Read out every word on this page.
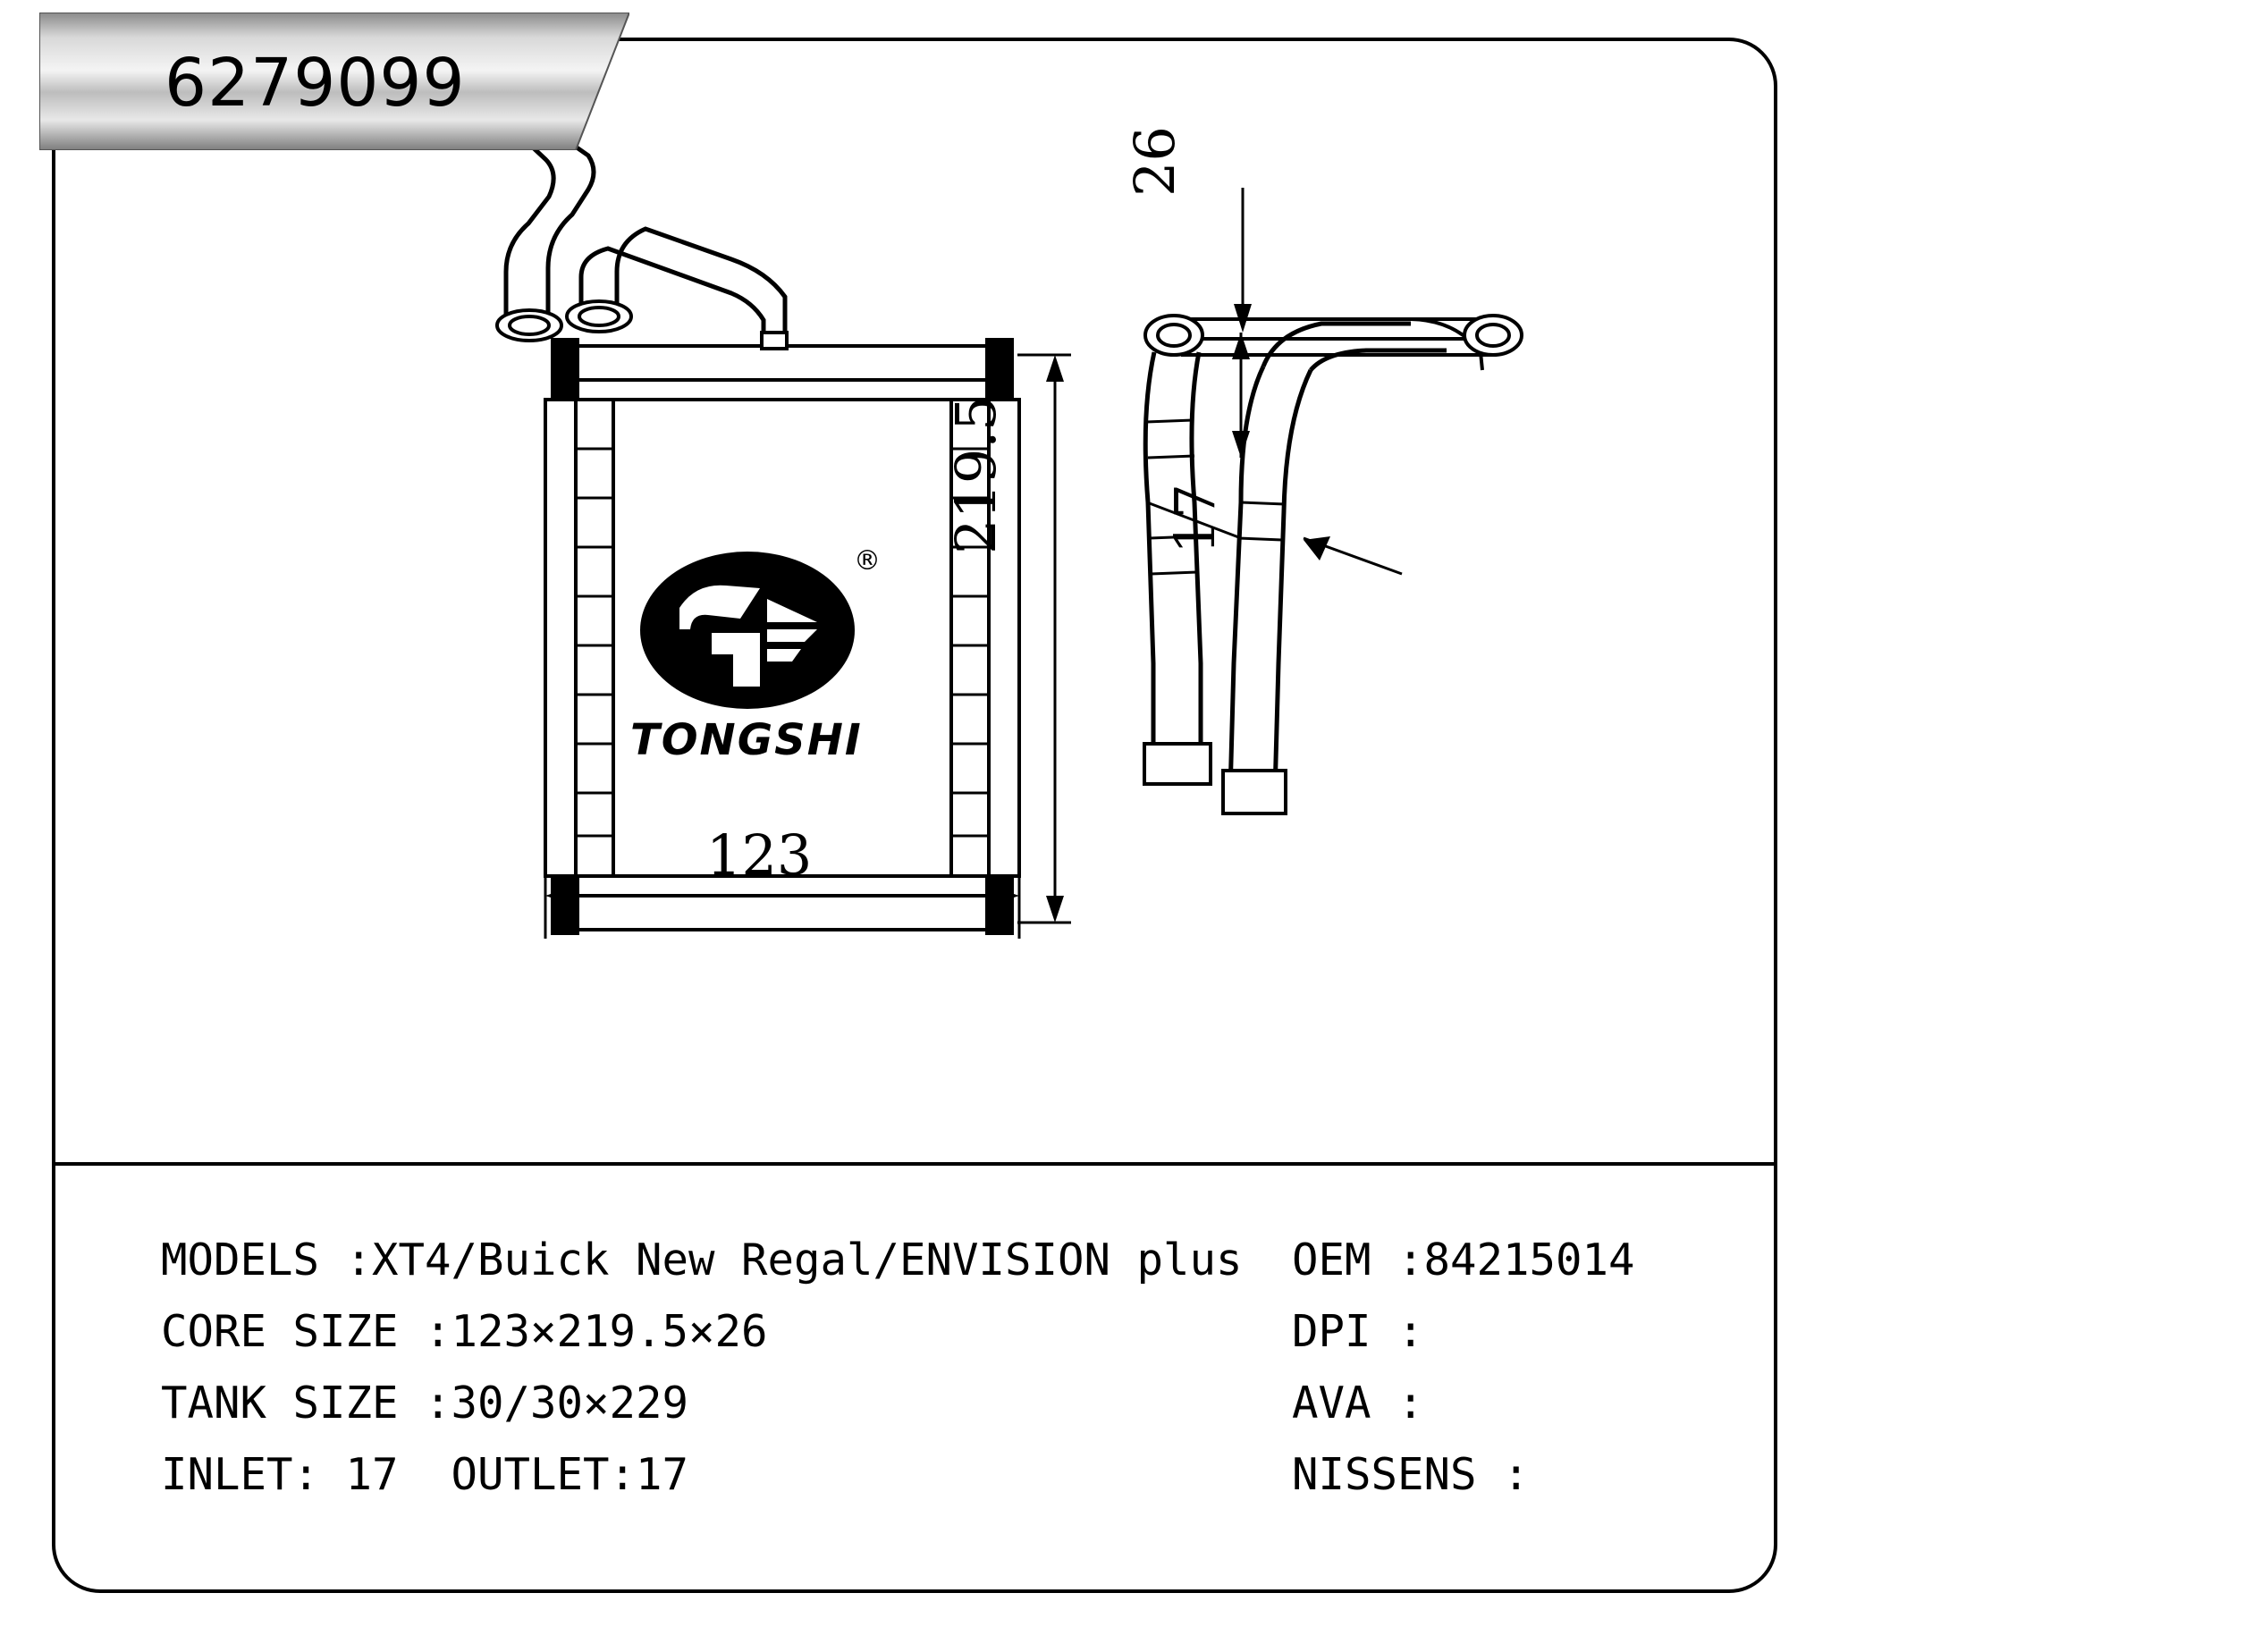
123
219.5
26
17
®
TONGSHI
6279099
MODELS :XT4/Buick New Regal/ENVISION plus	OEM :84215014
CORE SIZE :123×219.5×26	DPI :
TANK SIZE :30/30×229	AVA :
INLET: 17  OUTLET:17	NISSENS :
